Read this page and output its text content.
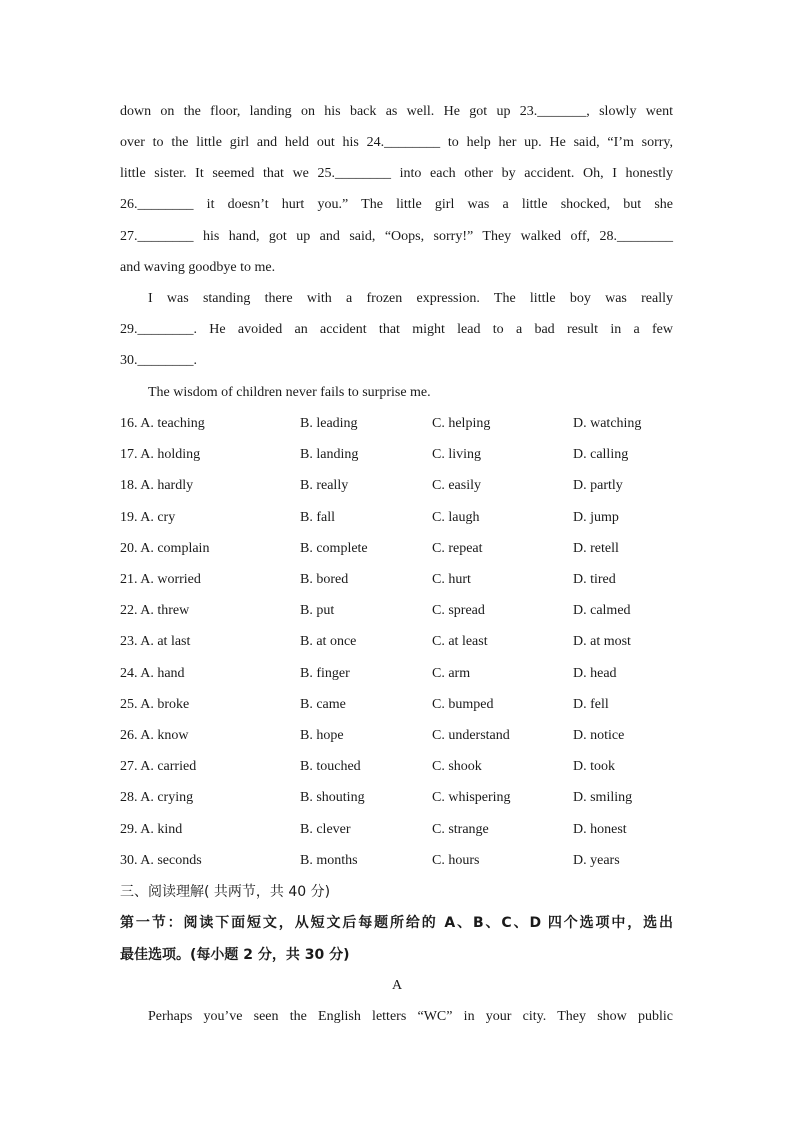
down on the floor, landing on his back as well. He got up 23._______, slowly went
over to the little girl and held out his 24.________ to help her up. He said, “I’m sorry,
little sister. It seemed that we 25.________ into each other by accident. Oh, I honestly
26.________ it doesn’t hurt you.” The little girl was a little shocked, but she
27.________ his hand, got up and said, “Oops, sorry!” They walked off, 28.________
and waving goodbye to me.
I was standing there with a frozen expression. The little boy was really
29.________. He avoided an accident that might lead to a bad result in a few
30.________.
The wisdom of children never fails to surprise me.
16. A. teaching	B. leading	C. helping	D. watching
17. A. holding	B. landing	C. living	D. calling
18. A. hardly	B. really	C. easily	D. partly
19. A. cry	B. fall	C. laugh	D. jump
20. A. complain	B. complete	C. repeat	D. retell
21. A. worried	B. bored	C. hurt	D. tired
22. A. threw	B. put	C. spread	D. calmed
23. A. at last	B. at once	C. at least	D. at most
24. A. hand	B. finger	C. arm	D. head
25. A. broke	B. came	C. bumped	D. fell
26. A. know	B. hope	C. understand	D. notice
27. A. carried	B. touched	C. shook	D. took
28. A. crying	B. shouting	C. whispering	D. smiling
29. A. kind	B. clever	C. strange	D. honest
30. A. seconds	B. months	C. hours	D. years
三、阅读理解( 共两节，共 40 分)
第一节：阅读下面短文，从短文后每题所给的 A、B、C、D 四个选项中，选出
最佳选项。(每小题 2 分，共 30 分)
A
Perhaps you’ve seen the English letters “WC” in your city. They show public
